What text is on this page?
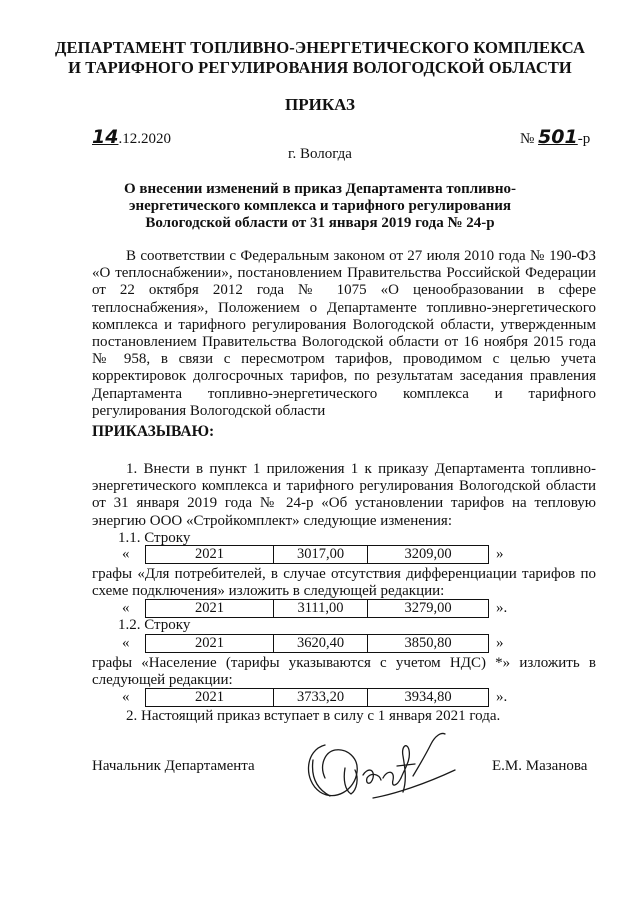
ДЕПАРТАМЕНТ ТОПЛИВНО-ЭНЕРГЕТИЧЕСКОГО КОМПЛЕКСА
И ТАРИФНОГО РЕГУЛИРОВАНИЯ ВОЛОГОДСКОЙ ОБЛАСТИ
ПРИКАЗ
14.12.2020	№ 501-р
г. Вологда
О внесении изменений в приказ Департамента топливно-энергетического комплекса и тарифного регулирования Вологодской области от 31 января 2019 года № 24-р

В соответствии с Федеральным законом от 27 июля 2010 года № 190-ФЗ «О теплоснабжении», постановлением Правительства Российской Федерации от 22 октября 2012 года № 1075 «О ценообразовании в сфере теплоснабжения», Положением о Департаменте топливно-энергетического комплекса и тарифного регулирования Вологодской области, утвержденным постановлением Правительства Вологодской области от 16 ноября 2015 года № 958, в связи с пересмотром тарифов, проводимом с целью учета корректировок долгосрочных тарифов, по результатам заседания правления Департамента топливно-энергетического комплекса и тарифного регулирования Вологодской области

ПРИКАЗЫВАЮ:

1. Внести в пункт 1 приложения 1 к приказу Департамента топливно-энергетического комплекса и тарифного регулирования Вологодской области от 31 января 2019 года № 24-р «Об установлении тарифов на тепловую энергию ООО «Стройкомплект» следующие изменения:

1.1. Строку
«	2021	3017,00	3209,00	»

графы «Для потребителей, в случае отсутствия дифференциации тарифов по схеме подключения» изложить в следующей редакции:

«	2021	3111,00	3279,00	».
1.2. Строку
«	2021	3620,40	3850,80	»

графы «Население (тарифы указываются с учетом НДС) *» изложить в следующей редакции:

«	2021	3733,20	3934,80	».
2. Настоящий приказ вступает в силу с 1 января 2021 года.
Начальник Департамента	Е.М. Мазанова
